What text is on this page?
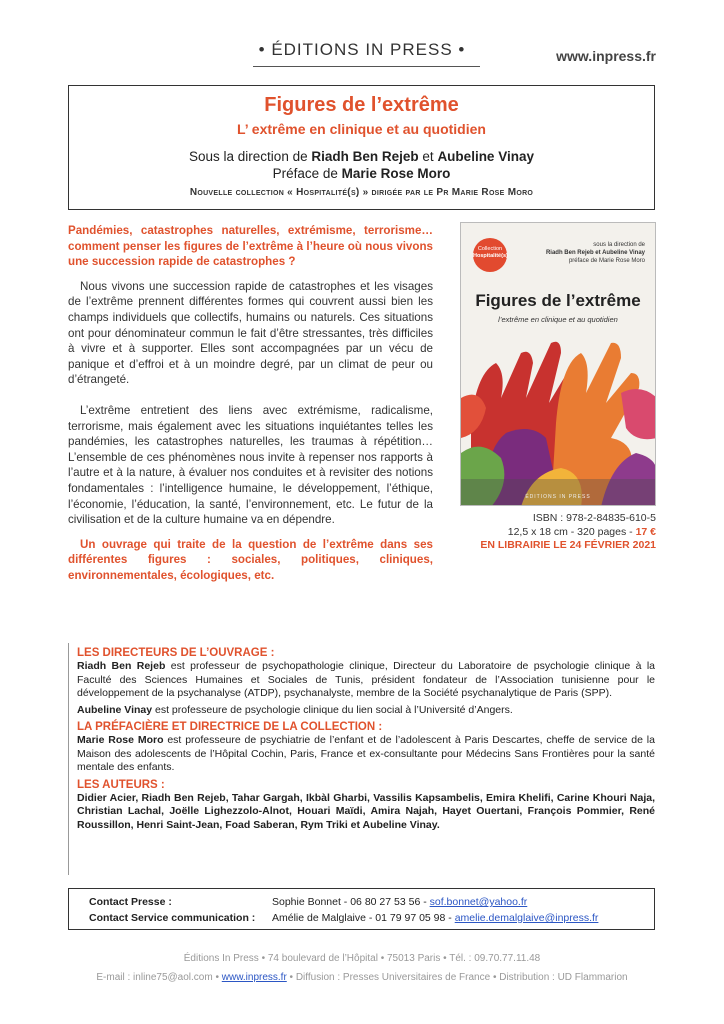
• ÉDITIONS IN PRESS •	www.inpress.fr
Figures de l’extrême
L’ extrême en clinique et au quotidien
Sous la direction de Riadh Ben Rejeb et Aubeline Vinay
Préface de Marie Rose Moro
Nouvelle collection « Hospitalité(s) » dirigée par le Pr Marie Rose Moro
Pandémies, catastrophes naturelles, extrémisme, terrorisme… comment penser les figures de l’extrême à l’heure où nous vivons une succession rapide de catastrophes ?
Nous vivons une succession rapide de catastrophes et les visages de l’extrême prennent différentes formes qui couvrent aussi bien les champs individuels que collectifs, humains ou naturels. Ces situations ont pour dénominateur commun le fait d’être stressantes, très difficiles à vivre et à supporter. Elles sont accompagnées par un vécu de panique et d’effroi et à un moindre degré, par un climat de peur ou d’étrangeté.
L’extrême entretient des liens avec extrémisme, radicalisme, terrorisme, mais également avec les situations inquiétantes telles les pandémies, les catastrophes naturelles, les traumas à répétition… L’ensemble de ces phénomènes nous invite à repenser nos rapports à l’autre et à la nature, à évaluer nos conduites et à revisiter des notions fondamentales : l’intelligence humaine, le développement, l’éthique, l’économie, l’éducation, la santé, l’environnement, etc. Le futur de la civilisation et de la culture humaine va en dépendre.
Un ouvrage qui traite de la question de l’extrême dans ses différentes figures : sociales, politiques, cliniques, environnementales, écologiques, etc.
Collection
Hospitalité(s)
sous la direction de
Riadh Ben Rejeb et Aubeline Vinay
préface de Marie Rose Moro
Figures de l’extrême
l’extrême en clinique et au quotidien
ÉDITIONS IN PRESS
ISBN : 978-2-84835-610-5
12,5 x 18 cm - 320 pages - 17 €
EN LIBRAIRIE LE 24 FÉVRIER 2021
LES DIRECTEURS DE L’OUVRAGE :

Riadh Ben Rejeb est professeur de psychopathologie clinique, Directeur du Laboratoire de psychologie clinique à la Faculté des Sciences Humaines et Sociales de Tunis, président fondateur de l’Association tunisienne pour le développement de la psychanalyse (ATDP), psychanalyste, membre de la Société psychanalytique de Paris (SPP).

Aubeline Vinay est professeure de psychologie clinique du lien social à l’Université d’Angers.

LA PRÉFACIÈRE ET DIRECTRICE DE LA COLLECTION :

Marie Rose Moro est professeure de psychiatrie de l’enfant et de l’adolescent à Paris Descartes, cheffe de service de la Maison des adolescents de l’Hôpital Cochin, Paris, France et ex-consultante pour Médecins Sans Frontières pour la santé mentale des enfants.

LES AUTEURS :

Didier Acier, Riadh Ben Rejeb, Tahar Gargah, Ikbàl Gharbi, Vassilis Kapsambelis, Emira Khelifi, Carine Khouri Naja, Christian Lachal, Joëlle Lighezzolo-Alnot, Houari Maïdi, Amira Najah, Hayet Ouertani, François Pommier, René Roussillon, Henri Saint-Jean, Foad Saberan, Rym Triki et Aubeline Vinay.

Contact Presse :	Sophie Bonnet - 06 80 27 53 56 - sof.bonnet@yahoo.fr
Contact Service communication : Amélie de Malglaive - 01 79 97 05 98 - amelie.demalglaive@inpress.fr
Éditions In Press • 74 boulevard de l’Hôpital • 75013 Paris • Tél. : 09.70.77.11.48
E-mail : inline75@aol.com • www.inpress.fr • Diffusion : Presses Universitaires de France • Distribution : UD Flammarion
